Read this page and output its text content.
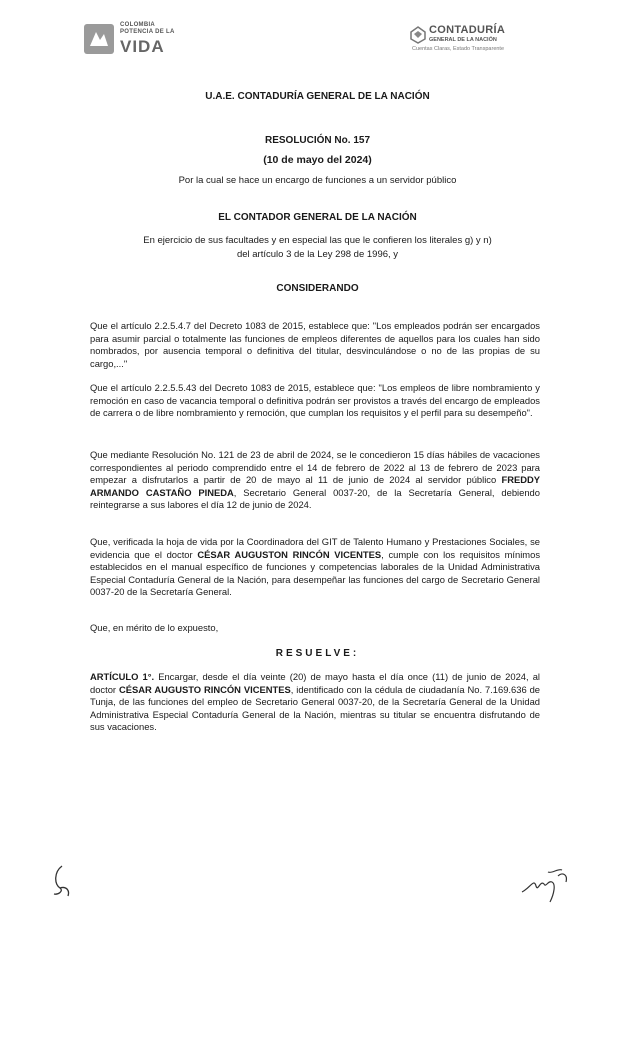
COLOMBIA
POTENCIA DE LA
VIDA
CONTADURÍA
GENERAL DE LA NACIÓN
Cuentas Claras, Estado Transparente
U.A.E. CONTADURÍA GENERAL DE LA NACIÓN
RESOLUCIÓN No. 157
(10 de mayo del 2024)
Por la cual se hace un encargo de funciones a un servidor público
EL CONTADOR GENERAL DE LA NACIÓN
En ejercicio de sus facultades y en especial las que le confieren los literales g) y n)
del artículo 3 de la Ley 298 de 1996, y
CONSIDERANDO
Que el artículo 2.2.5.4.7 del Decreto 1083 de 2015, establece que: "Los empleados podrán ser encargados para asumir parcial o totalmente las funciones de empleos diferentes de aquellos para los cuales han sido nombrados, por ausencia temporal o definitiva del titular, desvinculándose o no de las propias de su cargo,..."
Que el artículo 2.2.5.5.43 del Decreto 1083 de 2015, establece que: "Los empleos de libre nombramiento y remoción en caso de vacancia temporal o definitiva podrán ser provistos a través del encargo de empleados de carrera o de libre nombramiento y remoción, que cumplan los requisitos y el perfil para su desempeño".
Que mediante Resolución No. 121 de 23 de abril de 2024, se le concedieron 15 días hábiles de vacaciones correspondientes al periodo comprendido entre el 14 de febrero de 2022 al 13 de febrero de 2023 para empezar a disfrutarlos a partir de 20 de mayo al 11 de junio de 2024 al servidor público FREDDY ARMANDO CASTAÑO PINEDA, Secretario General 0037-20, de la Secretaría General, debiendo reintegrarse a sus labores el día 12 de junio de 2024.
Que, verificada la hoja de vida por la Coordinadora del GIT de Talento Humano y Prestaciones Sociales, se evidencia que el doctor CÉSAR AUGUSTON RINCÓN VICENTES, cumple con los requisitos mínimos establecidos en el manual específico de funciones y competencias laborales de la Unidad Administrativa Especial Contaduría General de la Nación, para desempeñar las funciones del cargo de Secretario General 0037-20 de la Secretaría General.
Que, en mérito de lo expuesto,
RESUELVE:
ARTÍCULO 1°. Encargar, desde el día veinte (20) de mayo hasta el día once (11) de junio de 2024, al doctor CÉSAR AUGUSTO RINCÓN VICENTES, identificado con la cédula de ciudadanía No. 7.169.636 de Tunja, de las funciones del empleo de Secretario General 0037-20, de la Secretaría General de la Unidad Administrativa Especial Contaduría General de la Nación, mientras su titular se encuentra disfrutando de sus vacaciones.
